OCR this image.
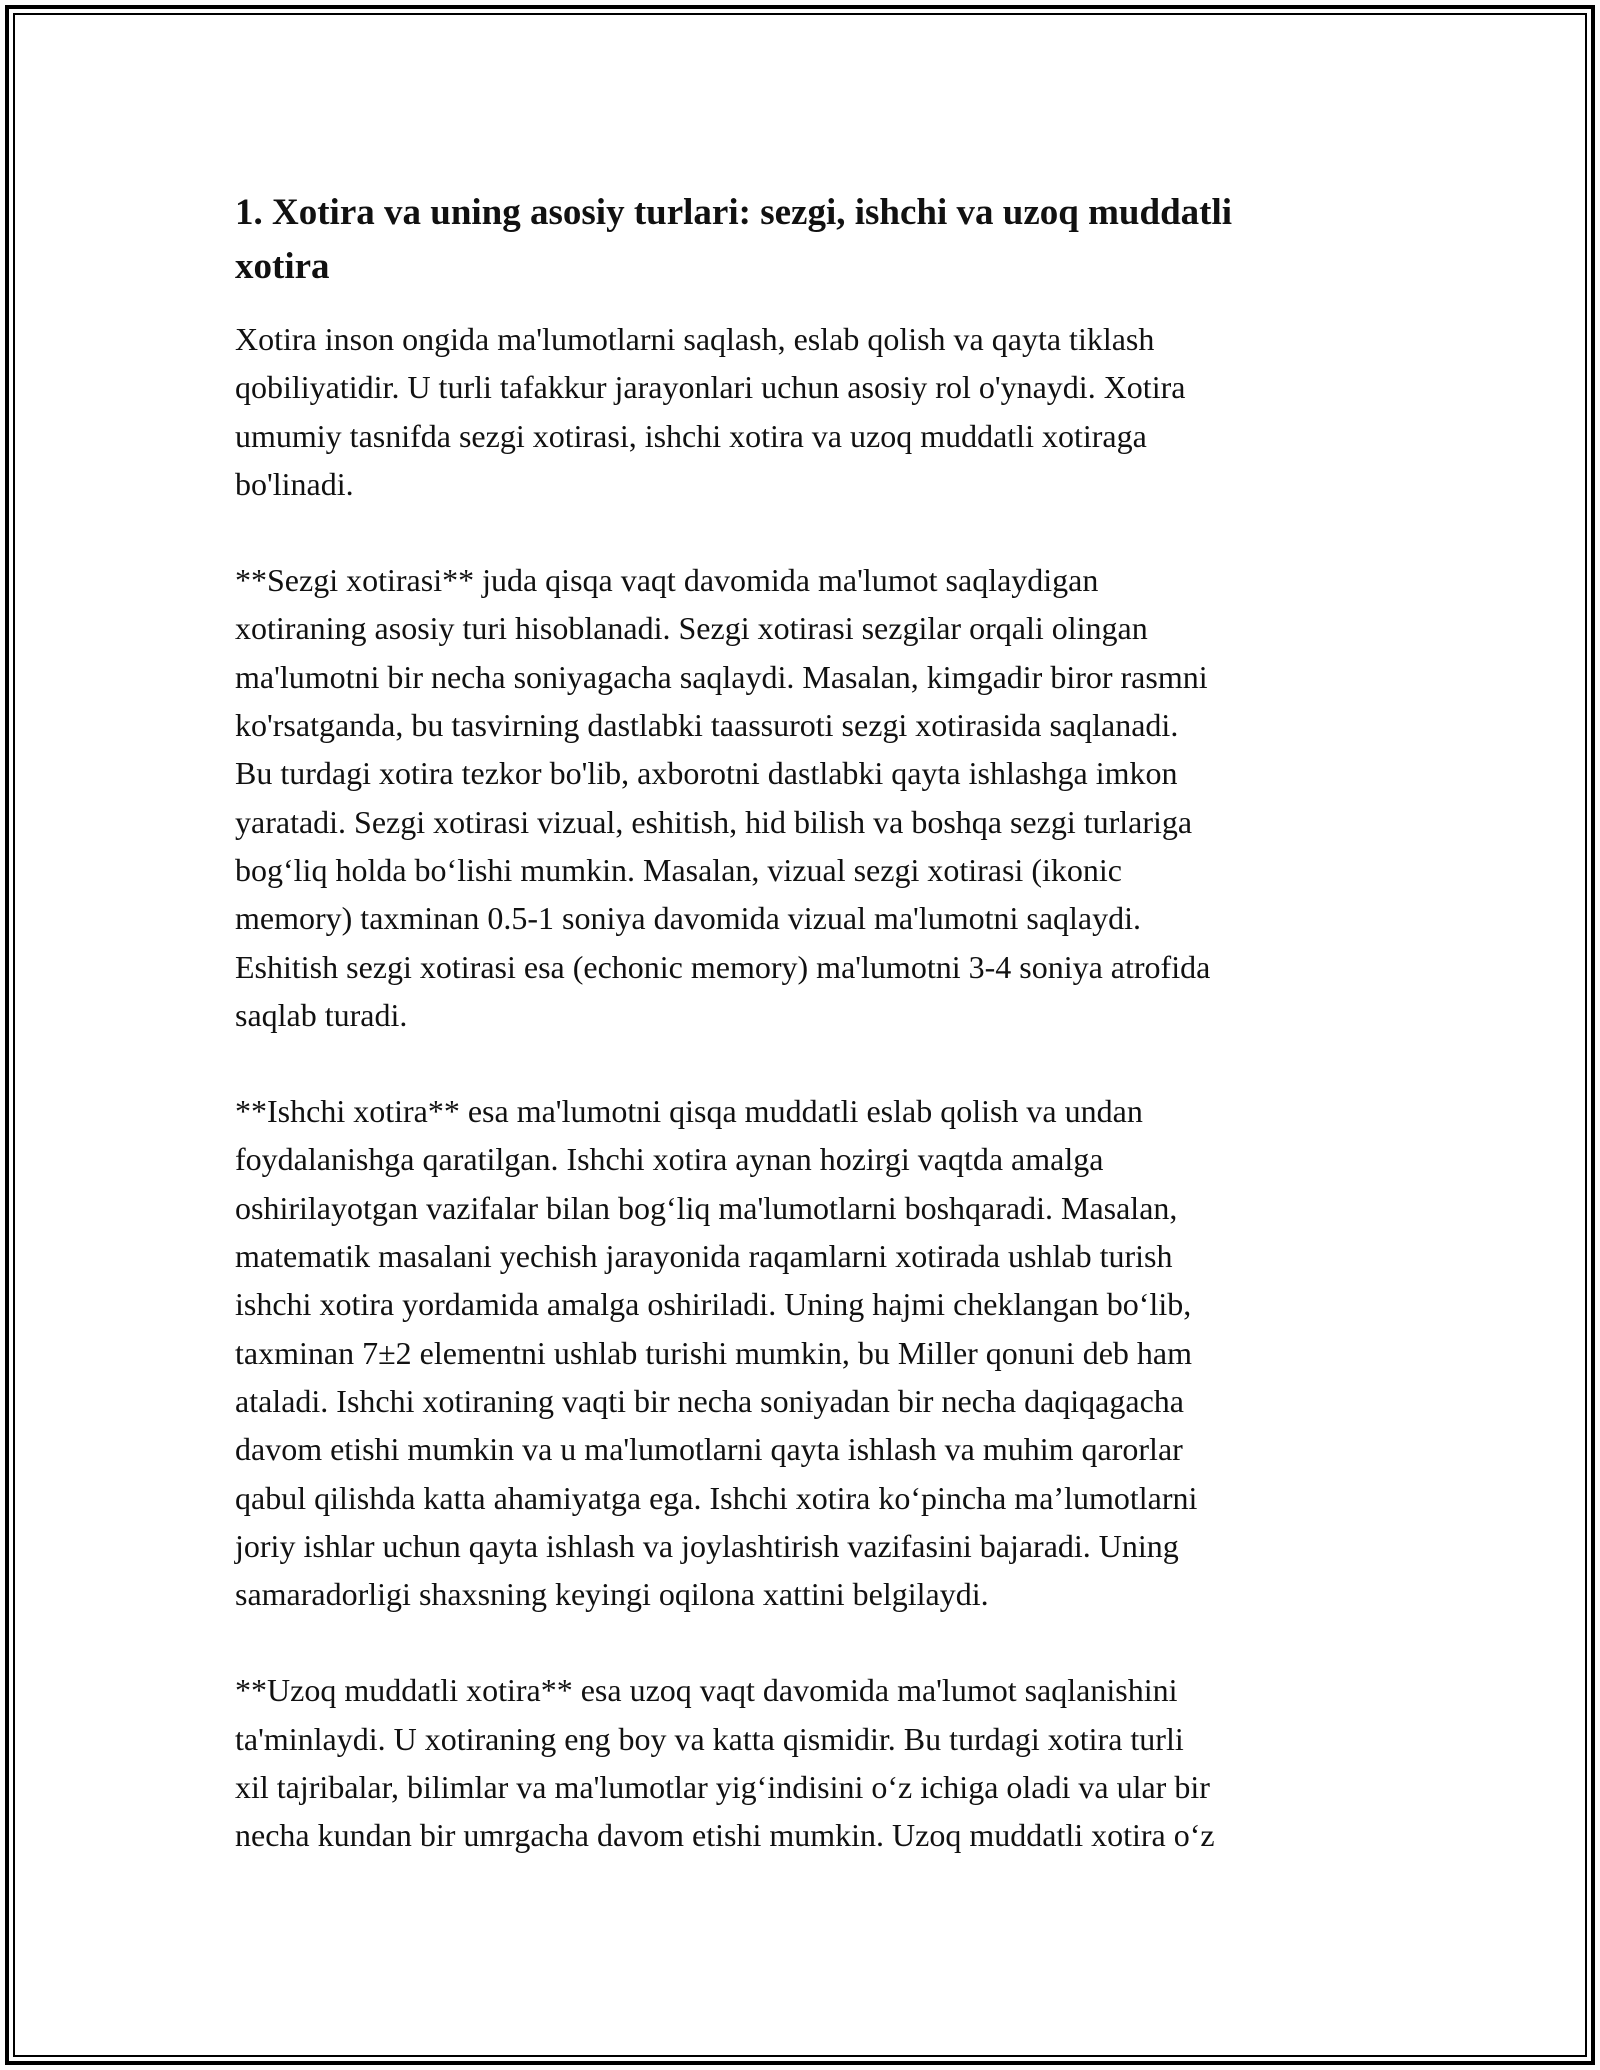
1. Xotira va uning asosiy turlari: sezgi, ishchi va uzoq muddatli
xotira

Xotira inson ongida ma'lumotlarni saqlash, eslab qolish va qayta tiklash
qobiliyatidir. U turli tafakkur jarayonlari uchun asosiy rol o'ynaydi. Xotira
umumiy tasnifda sezgi xotirasi, ishchi xotira va uzoq muddatli xotiraga
bo'linadi.

**Sezgi xotirasi** juda qisqa vaqt davomida ma'lumot saqlaydigan
xotiraning asosiy turi hisoblanadi. Sezgi xotirasi sezgilar orqali olingan
ma'lumotni bir necha soniyagacha saqlaydi. Masalan, kimgadir biror rasmni
ko'rsatganda, bu tasvirning dastlabki taassuroti sezgi xotirasida saqlanadi.
Bu turdagi xotira tezkor bo'lib, axborotni dastlabki qayta ishlashga imkon
yaratadi. Sezgi xotirasi vizual, eshitish, hid bilish va boshqa sezgi turlariga
bog‘liq holda bo‘lishi mumkin. Masalan, vizual sezgi xotirasi (ikonic
memory) taxminan 0.5-1 soniya davomida vizual ma'lumotni saqlaydi.
Eshitish sezgi xotirasi esa (echonic memory) ma'lumotni 3-4 soniya atrofida
saqlab turadi.

**Ishchi xotira** esa ma'lumotni qisqa muddatli eslab qolish va undan
foydalanishga qaratilgan. Ishchi xotira aynan hozirgi vaqtda amalga
oshirilayotgan vazifalar bilan bog‘liq ma'lumotlarni boshqaradi. Masalan,
matematik masalani yechish jarayonida raqamlarni xotirada ushlab turish
ishchi xotira yordamida amalga oshiriladi. Uning hajmi cheklangan bo‘lib,
taxminan 7±2 elementni ushlab turishi mumkin, bu Miller qonuni deb ham
ataladi. Ishchi xotiraning vaqti bir necha soniyadan bir necha daqiqagacha
davom etishi mumkin va u ma'lumotlarni qayta ishlash va muhim qarorlar
qabul qilishda katta ahamiyatga ega. Ishchi xotira ko‘pincha ma’lumotlarni
joriy ishlar uchun qayta ishlash va joylashtirish vazifasini bajaradi. Uning
samaradorligi shaxsning keyingi oqilona xattini belgilaydi.

**Uzoq muddatli xotira** esa uzoq vaqt davomida ma'lumot saqlanishini
ta'minlaydi. U xotiraning eng boy va katta qismidir. Bu turdagi xotira turli
xil tajribalar, bilimlar va ma'lumotlar yig‘indisini o‘z ichiga oladi va ular bir
necha kundan bir umrgacha davom etishi mumkin. Uzoq muddatli xotira o‘z
